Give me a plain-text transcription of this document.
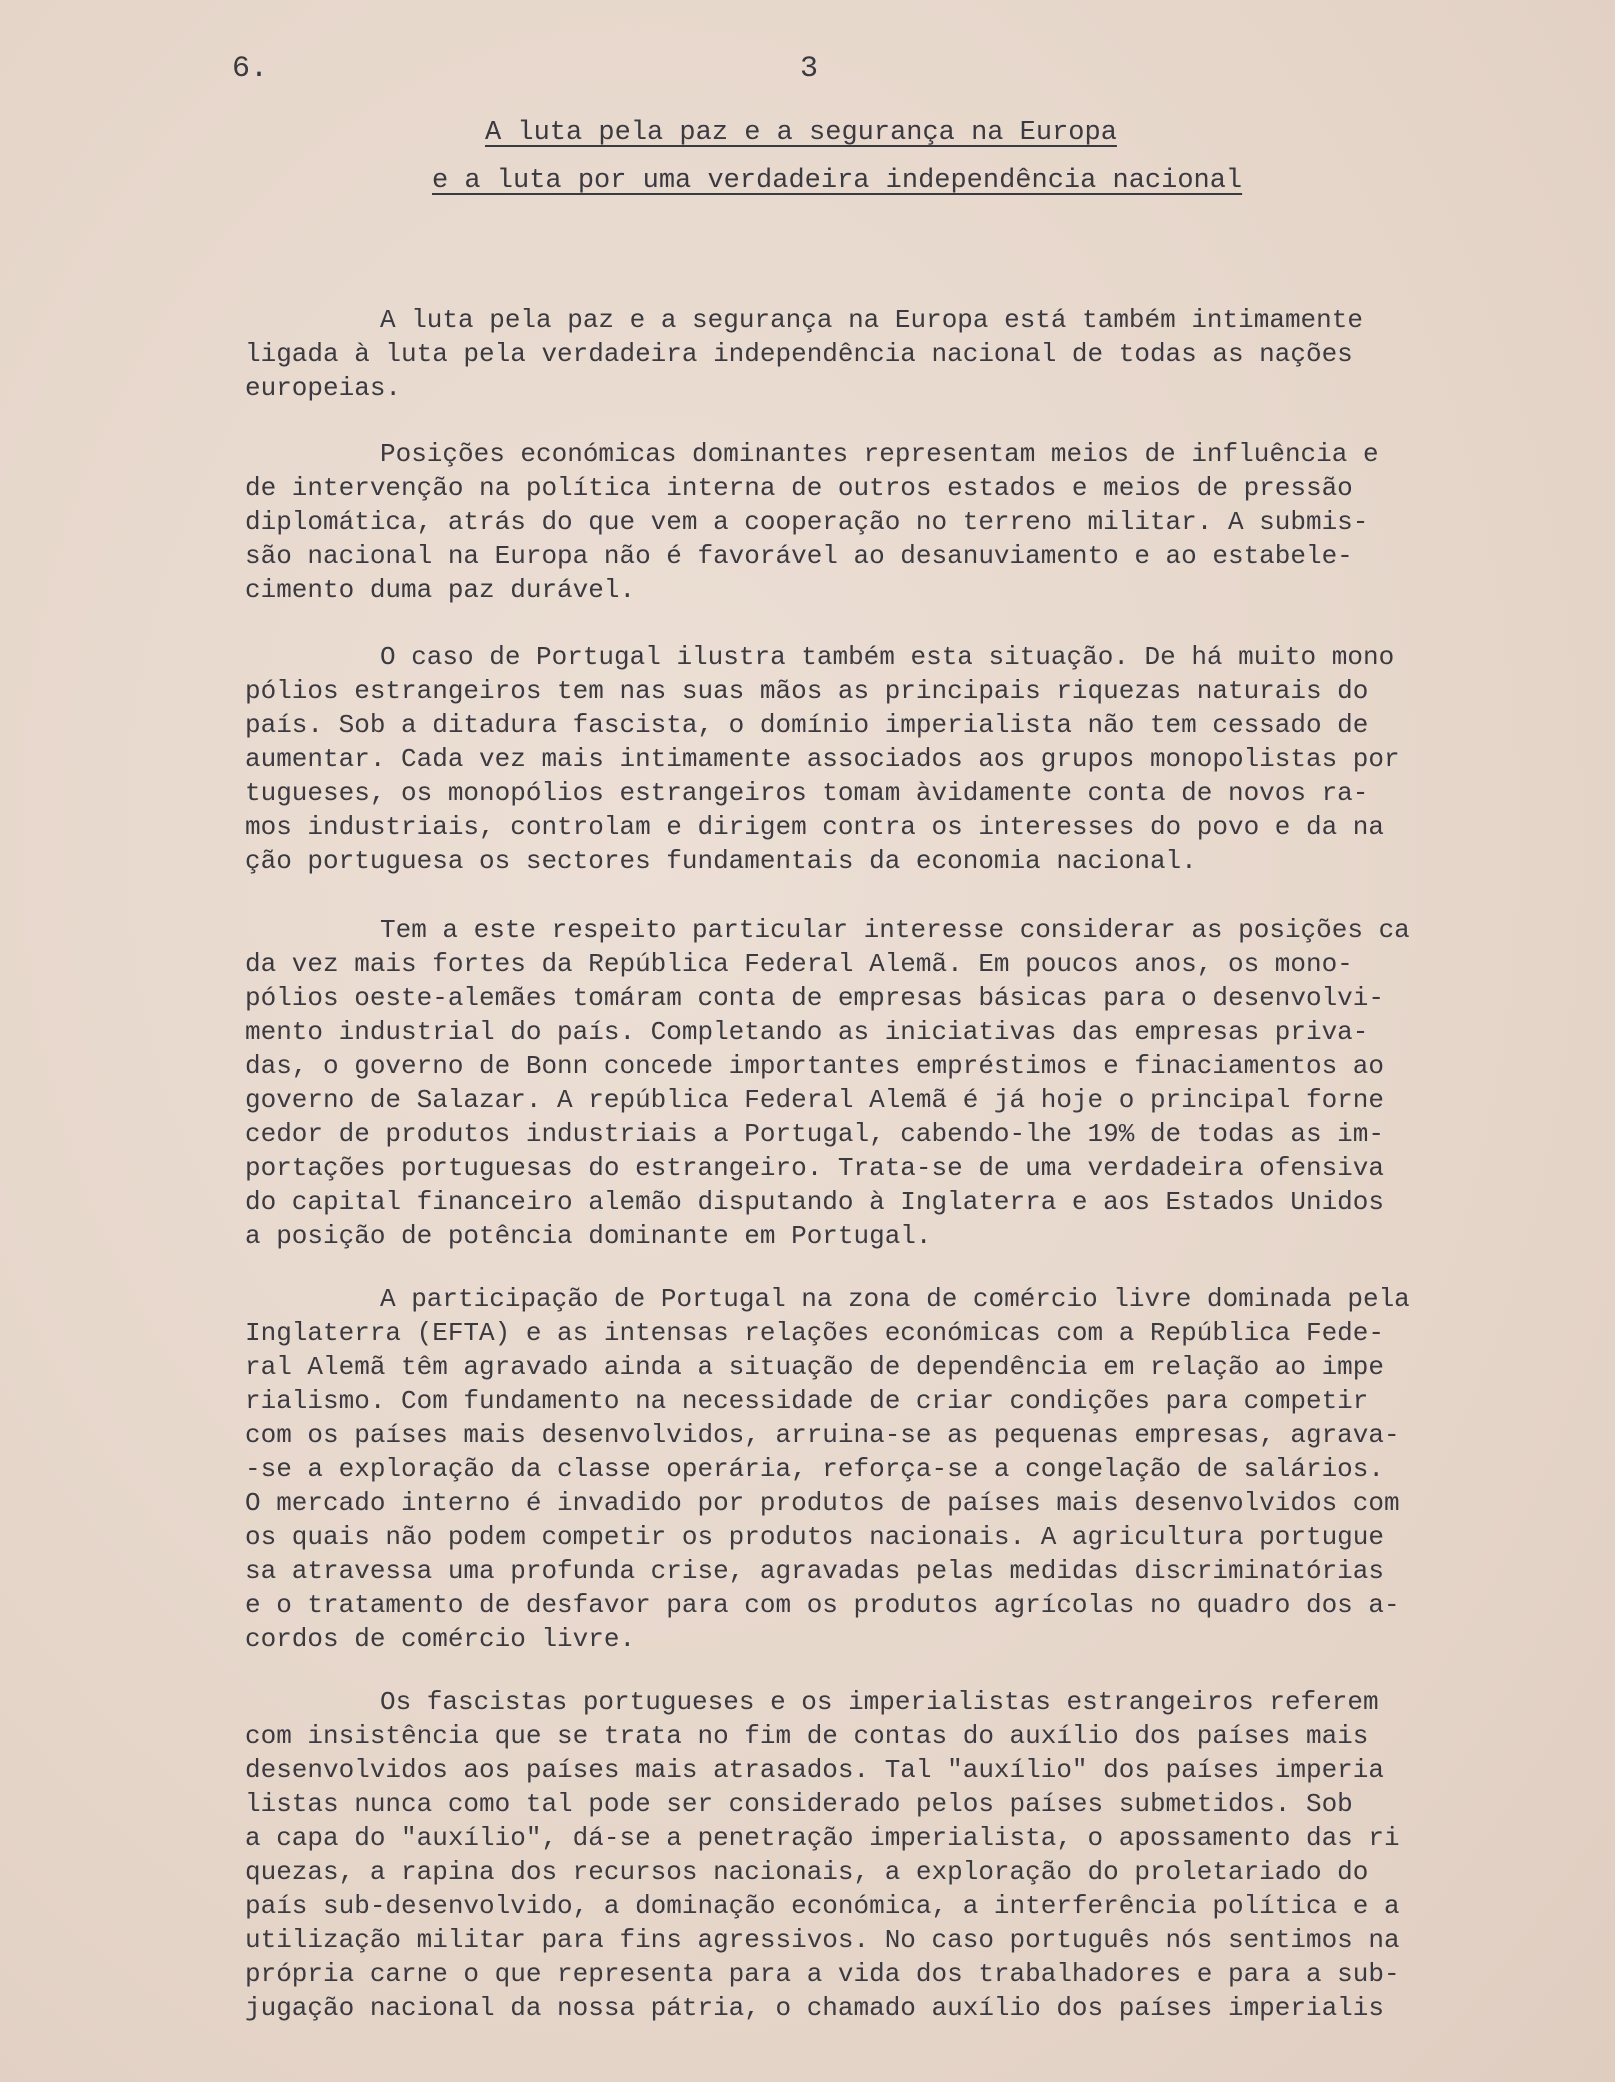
6.	3
A luta pela paz e a segurança na Europa
e a luta por uma verdadeira independência nacional
A luta pela paz e a segurança na Europa está também intimamente
ligada à luta pela verdadeira independência nacional de todas as nações
europeias.
Posições económicas dominantes representam meios de influência e
de intervenção na política interna de outros estados e meios de pressão
diplomática, atrás do que vem a cooperação no terreno militar. A submis-
são nacional na Europa não é favorável ao desanuviamento e ao estabele-
cimento duma paz durável.
O caso de Portugal ilustra também esta situação. De há muito mono
pólios estrangeiros tem nas suas mãos as principais riquezas naturais do
país. Sob a ditadura fascista, o domínio imperialista não tem cessado de
aumentar. Cada vez mais intimamente associados aos grupos monopolistas por
tugueses, os monopólios estrangeiros tomam àvidamente conta de novos ra-
mos industriais, controlam e dirigem contra os interesses do povo e da na
ção portuguesa os sectores fundamentais da economia nacional.
Tem a este respeito particular interesse considerar as posições ca
da vez mais fortes da República Federal Alemã. Em poucos anos, os mono-
pólios oeste-alemães tomáram conta de empresas básicas para o desenvolvi-
mento industrial do país. Completando as iniciativas das empresas priva-
das, o governo de Bonn concede importantes empréstimos e finaciamentos ao
governo de Salazar. A república Federal Alemã é já hoje o principal forne
cedor de produtos industriais a Portugal, cabendo-lhe 19% de todas as im-
portações portuguesas do estrangeiro. Trata-se de uma verdadeira ofensiva
do capital financeiro alemão disputando à Inglaterra e aos Estados Unidos
a posição de potência dominante em Portugal.
A participação de Portugal na zona de comércio livre dominada pela
Inglaterra (EFTA) e as intensas relações económicas com a República Fede-
ral Alemã têm agravado ainda a situação de dependência em relação ao impe
rialismo. Com fundamento na necessidade de criar condições para competir
com os países mais desenvolvidos, arruina-se as pequenas empresas, agrava-
-se a exploração da classe operária, reforça-se a congelação de salários.
O mercado interno é invadido por produtos de países mais desenvolvidos com
os quais não podem competir os produtos nacionais. A agricultura portugue
sa atravessa uma profunda crise, agravadas pelas medidas discriminatórias
e o tratamento de desfavor para com os produtos agrícolas no quadro dos a-
cordos de comércio livre.
Os fascistas portugueses e os imperialistas estrangeiros referem
com insistência que se trata no fim de contas do auxílio dos países mais
desenvolvidos aos países mais atrasados. Tal "auxílio" dos países imperia
listas nunca como tal pode ser considerado pelos países submetidos. Sob
a capa do "auxílio", dá-se a penetração imperialista, o apossamento das ri
quezas, a rapina dos recursos nacionais, a exploração do proletariado do
país sub-desenvolvido, a dominação económica, a interferência política e a
utilização militar para fins agressivos. No caso português nós sentimos na
própria carne o que representa para a vida dos trabalhadores e para a sub-
jugação nacional da nossa pátria, o chamado auxílio dos países imperialis
